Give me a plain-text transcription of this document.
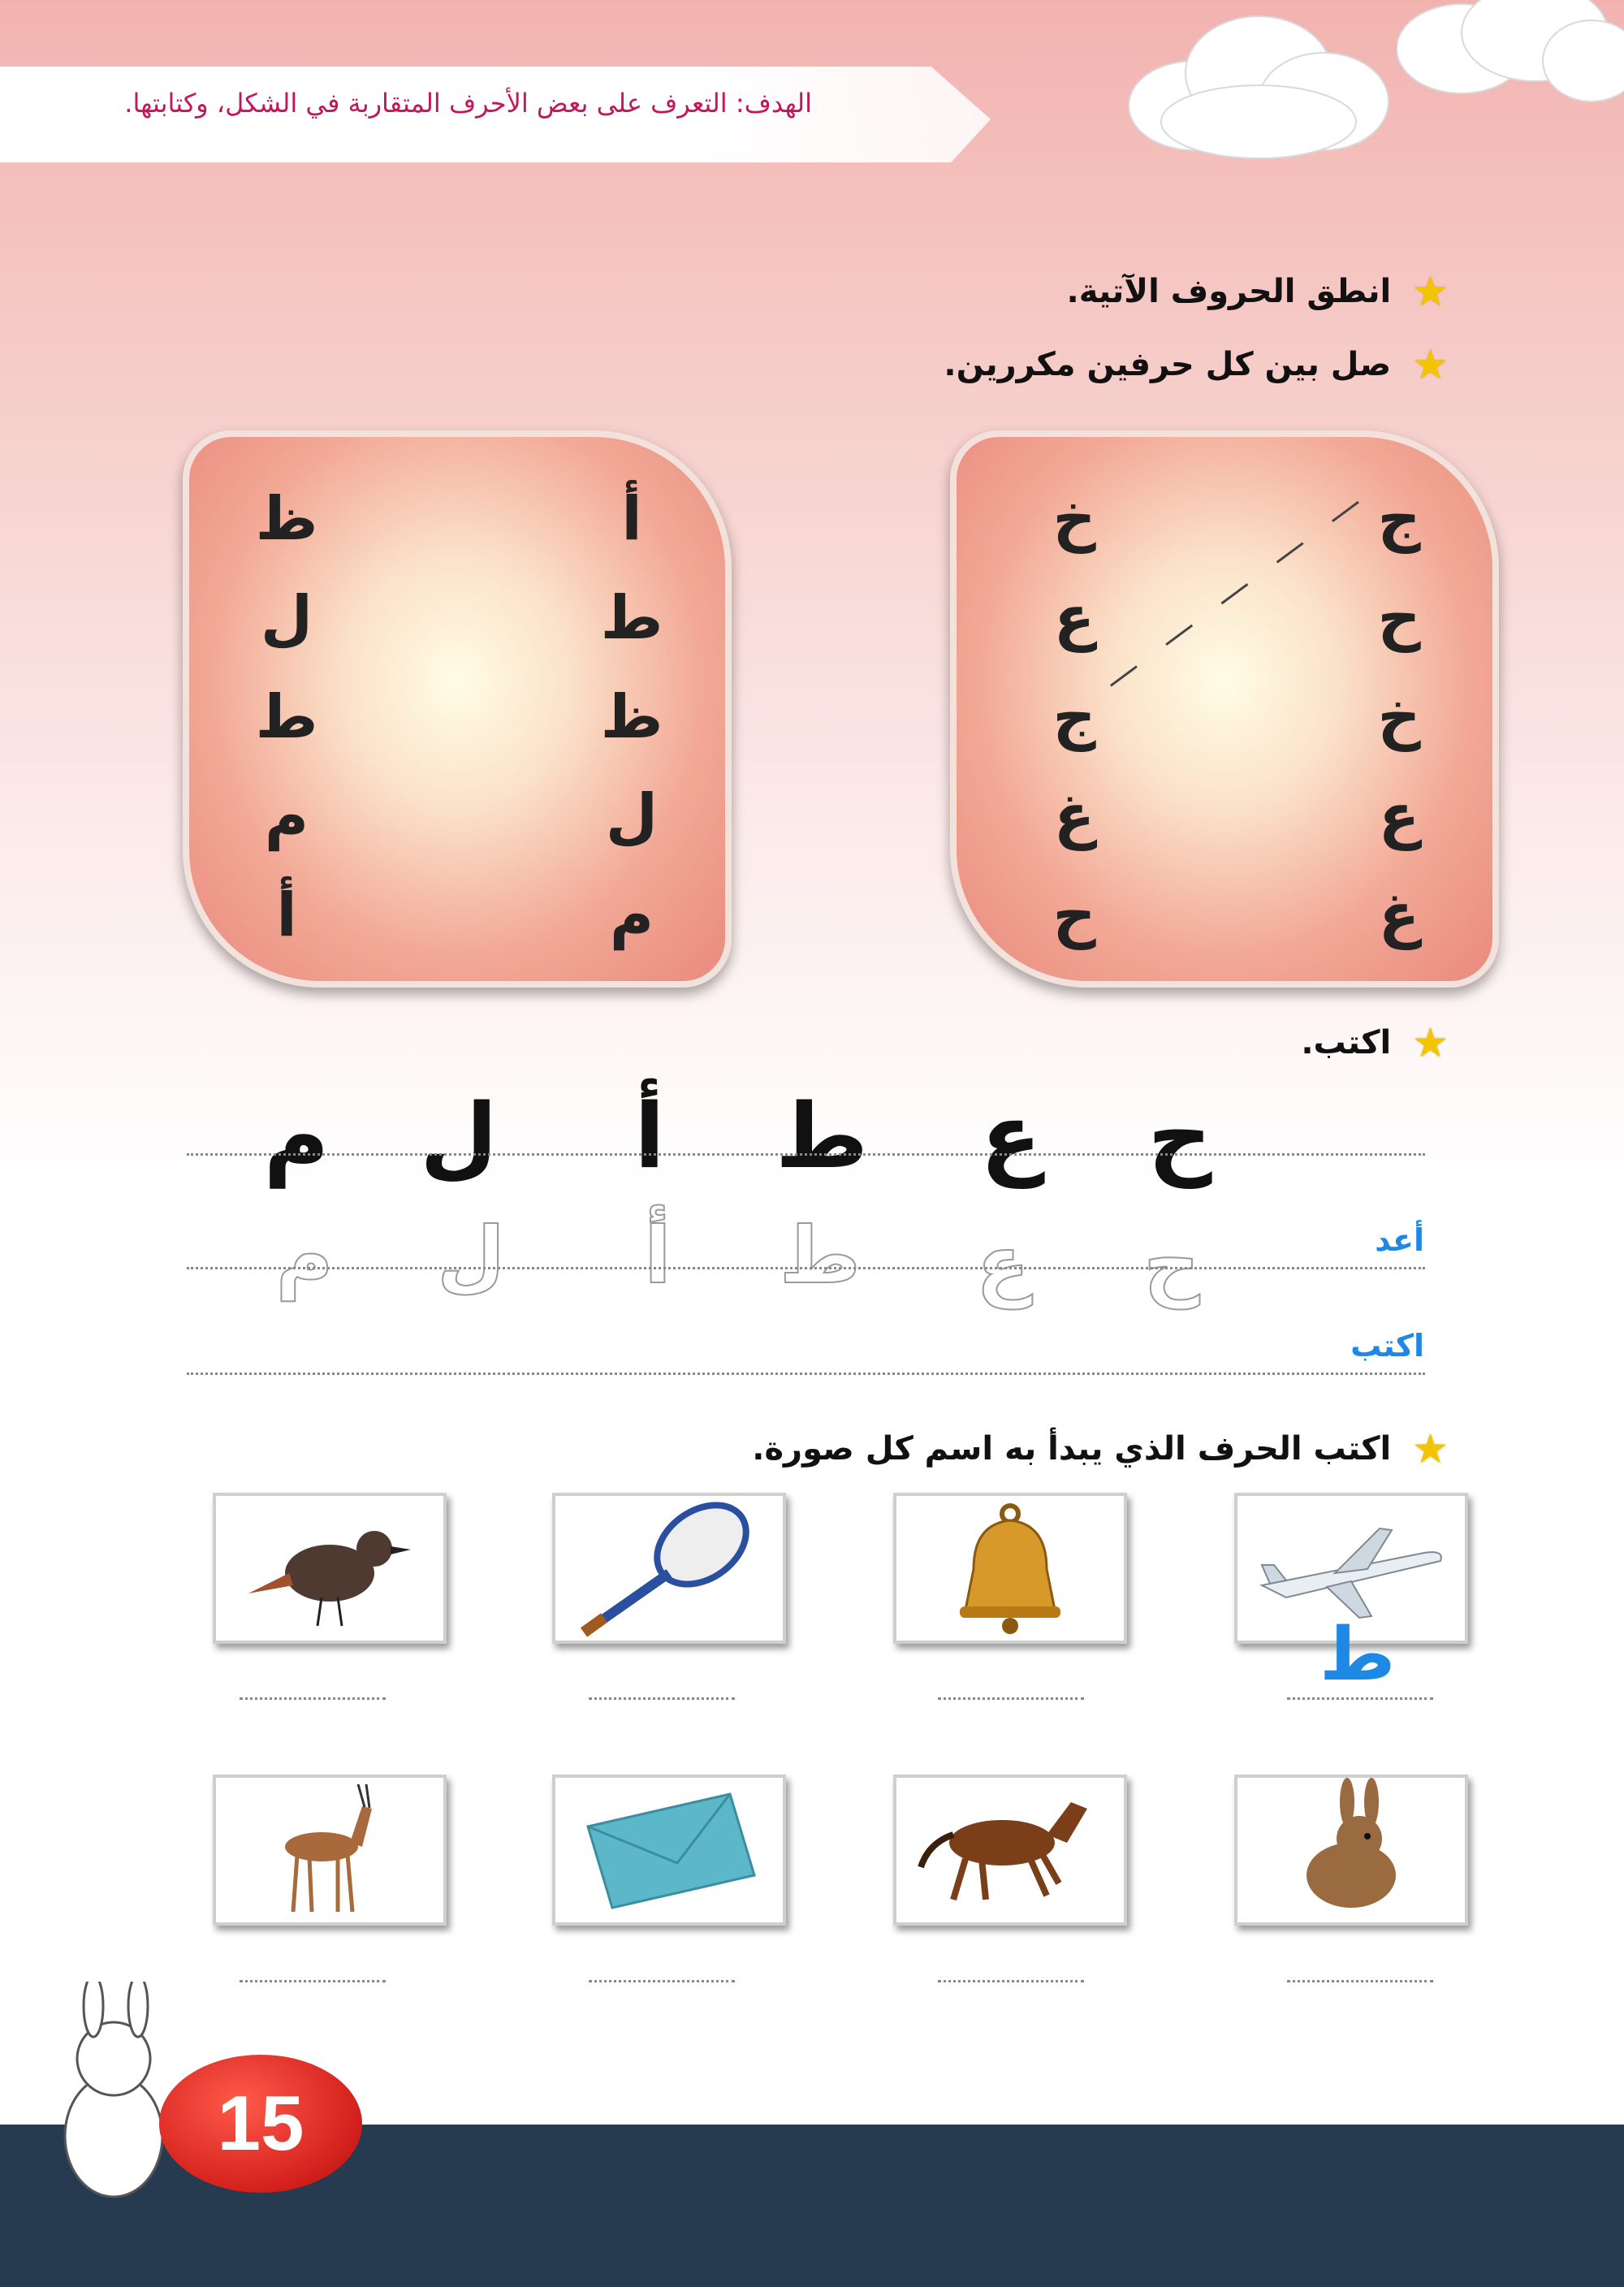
الهدف: التعرف على بعض الأحرف المتقاربة في الشكل، وكتابتها.
★
انطق الحروف الآتية.
★
صل بين كل حرفين مكررين.
ج
ح
خ
ع
غ
خ
ع
ج
غ
ح
أ
ط
ظ
ل
م
ظ
ل
ط
م
أ
★
اكتب.
ح
ع
ط
أ
ل
م
ح
ع
ط
أ
ل
م	أعد
اكتب
★
اكتب الحرف الذي يبدأ به اسم كل صورة.
ط
15
